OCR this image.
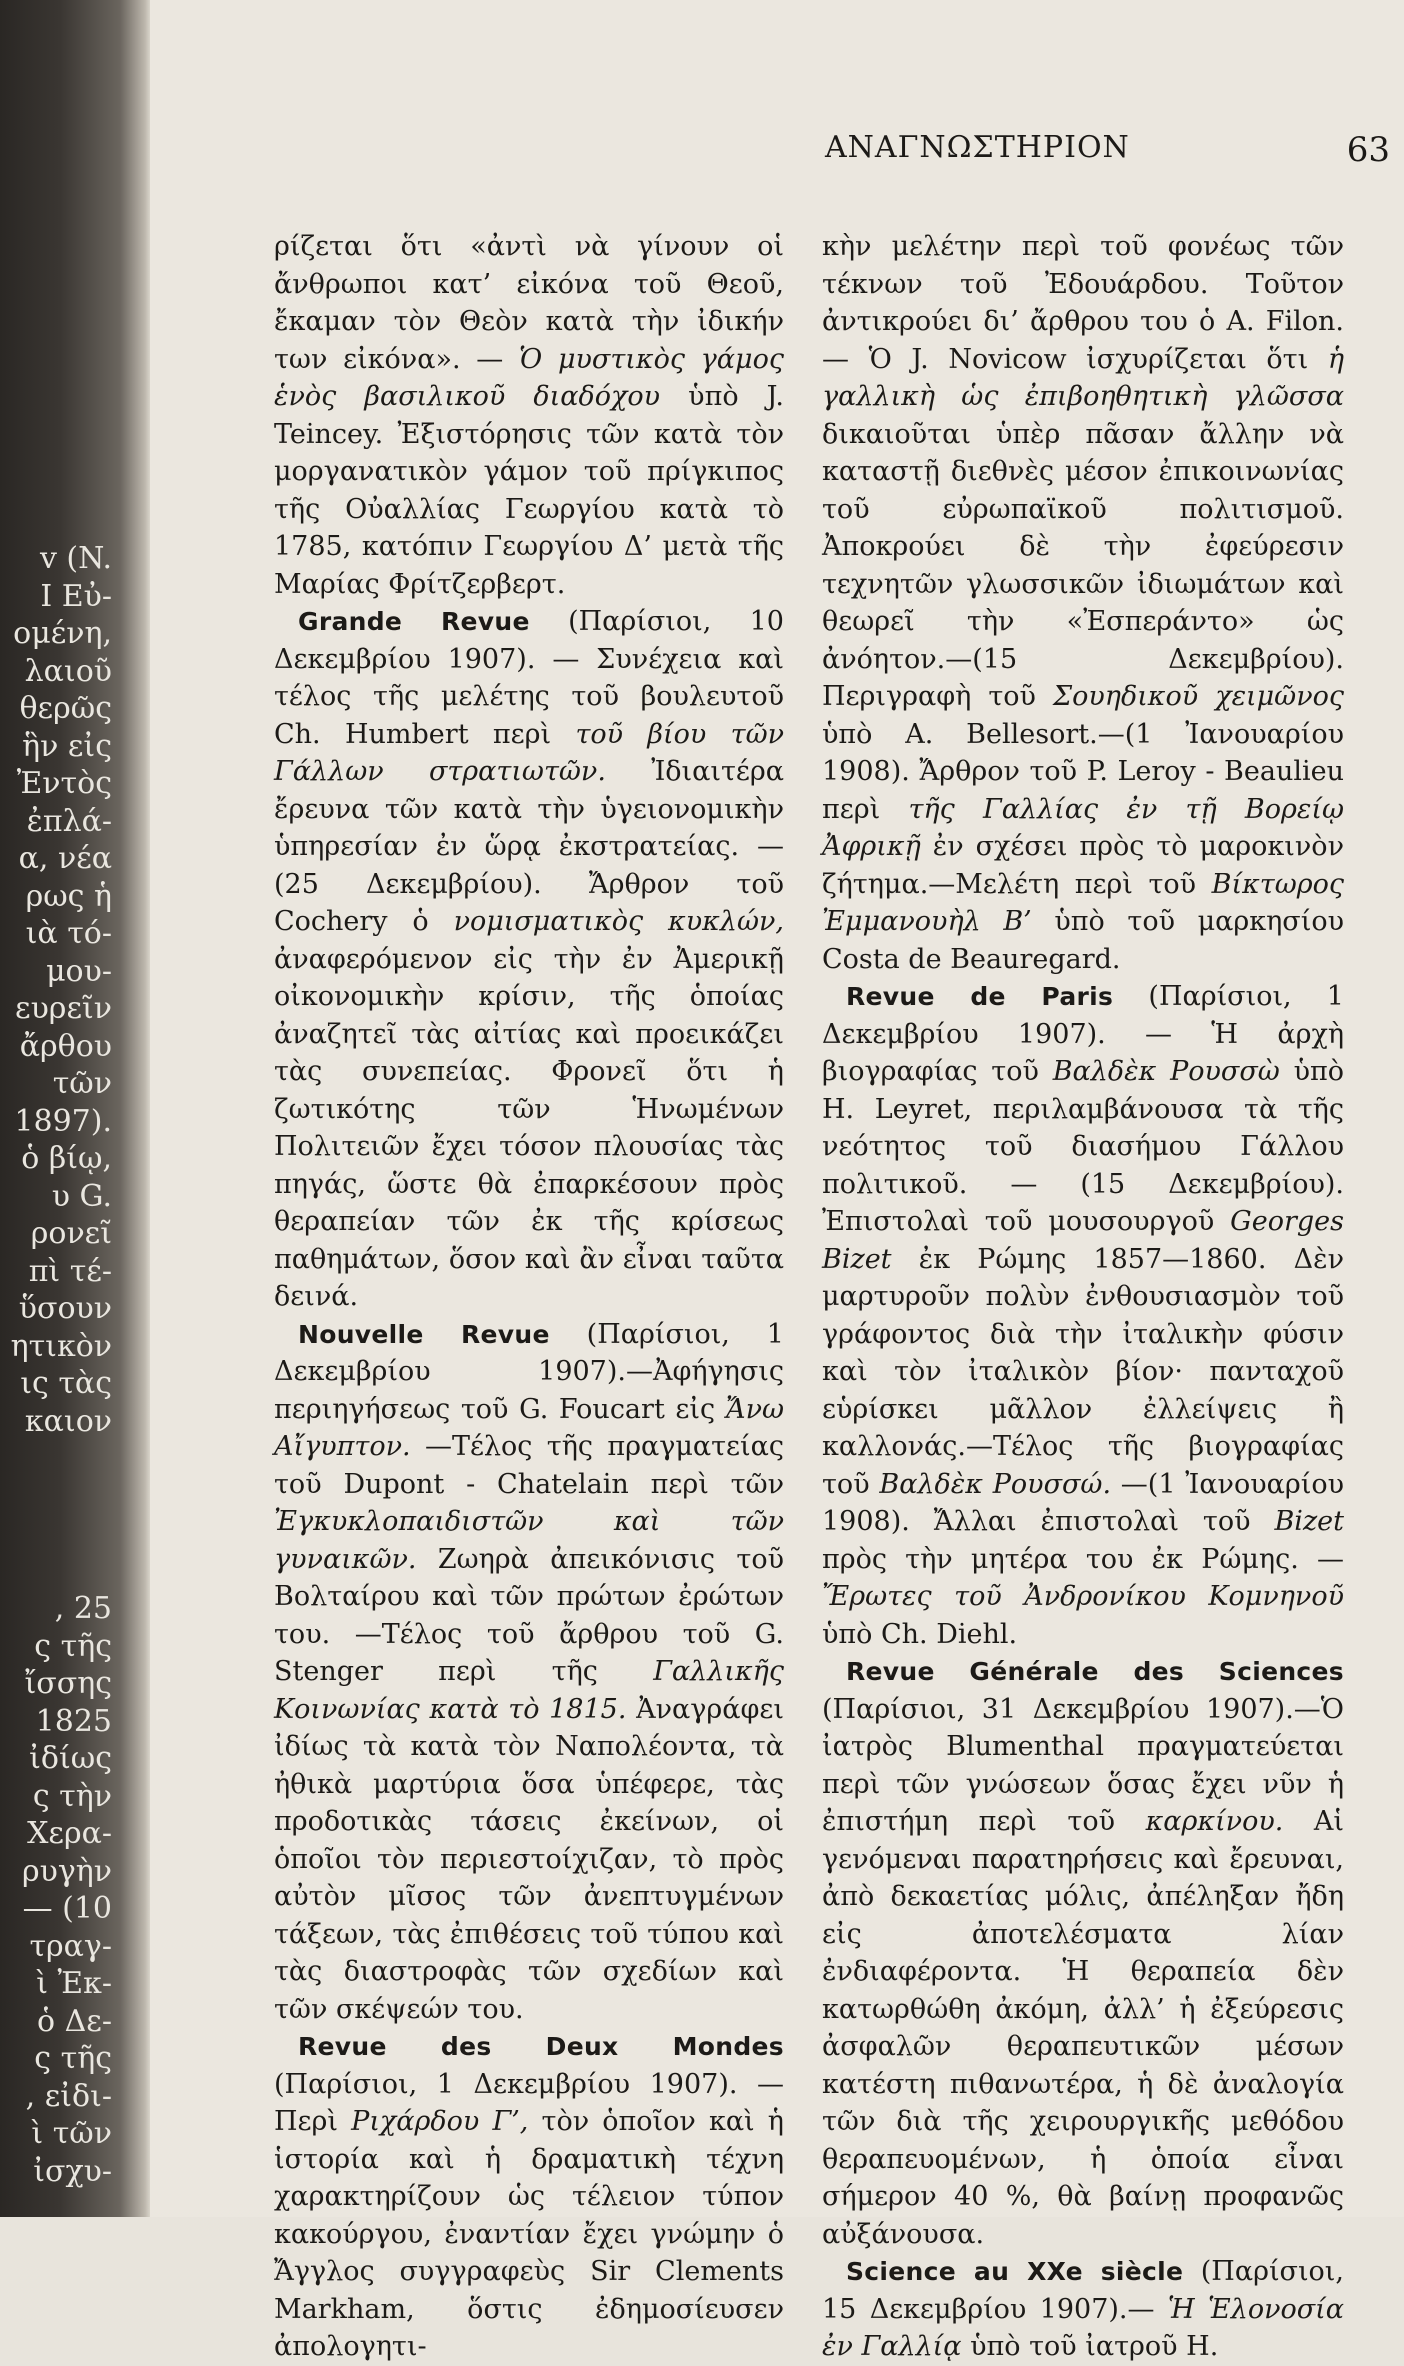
v (N.
I Εὐ-
ομένη,
λαιοῦ
θερῶς
ἣν εἰς
Ἐντὸς
ἐπλά-
α, νέα
ρως ἡ
ιὰ τό-
μου-
ευρεῖν
ἄρθου
τῶν
1897).
ὁ βίῳ,
υ G.
ρονεῖ
πὶ τέ-
ὕσουν
ητικὸν
ις τὰς
καιον
, 25
ς τῆς
ἴσσης
1825
ἰδίως
ς τὴν
Χερα-
ρυγὴν
— (10
τραγ-
ὶ Ἐκ-
ὁ Δε-
ς τῆς
, εἰδι-
ὶ τῶν
ἰσχυ-
ΑΝΑΓΝΩΣΤΗΡΙΟΝ	63

ρίζεται ὅτι «ἀντὶ νὰ γίνουν οἱ ἄνθρωποι κατ’ εἰκόνα τοῦ Θεοῦ, ἔκαμαν τὸν Θεὸν κατὰ τὴν ἰδικήν των εἰκόνα». — Ὁ μυστικὸς γάμος ἑνὸς βασιλικοῦ διαδόχου ὑπὸ J. Teincey. Ἐξιστόρησις τῶν κατὰ τὸν μοργανατικὸν γάμον τοῦ πρίγκιπος τῆς Οὐαλλίας Γεωργίου κατὰ τὸ 1785, κατόπιν Γεωργίου Δ’ μετὰ τῆς Μαρίας Φρίτζερβερτ.

Grande Revue (Παρίσιοι, 10 Δεκεμβρίου 1907). — Συνέχεια καὶ τέλος τῆς μελέτης τοῦ βουλευτοῦ Ch. Humbert περὶ τοῦ βίου τῶν Γάλλων στρατιωτῶν. Ἰδιαιτέρα ἔρευνα τῶν κατὰ τὴν ὑγειονομικὴν ὑπηρεσίαν ἐν ὥρᾳ ἐκστρατείας. — (25 Δεκεμβρίου). Ἄρθρον τοῦ Cochery ὁ νομισματικὸς κυκλών, ἀναφερόμενον εἰς τὴν ἐν Ἀμερικῇ οἰκονομικὴν κρίσιν, τῆς ὁποίας ἀναζητεῖ τὰς αἰτίας καὶ προεικάζει τὰς συνεπείας. Φρονεῖ ὅτι ἡ ζωτικότης τῶν Ἡνωμένων Πολιτειῶν ἔχει τόσον πλουσίας τὰς πηγάς, ὥστε θὰ ἐπαρκέσουν πρὸς θεραπείαν τῶν ἐκ τῆς κρίσεως παθημάτων, ὅσον καὶ ἂν εἶναι ταῦτα δεινά.

Nouvelle Revue (Παρίσιοι, 1 Δεκεμβρίου 1907).—Ἀφήγησις περιηγήσεως τοῦ G. Foucart εἰς Ἄνω Αἴγυπτον. —Τέλος τῆς πραγματείας τοῦ Dupont - Chatelain περὶ τῶν Ἐγκυκλοπαιδιστῶν καὶ τῶν γυναικῶν. Ζωηρὰ ἀπεικόνισις τοῦ Βολταίρου καὶ τῶν πρώτων ἐρώτων του. —Τέλος τοῦ ἄρθρου τοῦ G. Stenger περὶ τῆς Γαλλικῆς Κοινωνίας κατὰ τὸ 1815. Ἀναγράφει ἰδίως τὰ κατὰ τὸν Ναπολέοντα, τὰ ἠθικὰ μαρτύρια ὅσα ὑπέφερε, τὰς προδοτικὰς τάσεις ἐκείνων, οἱ ὁποῖοι τὸν περιεστοίχιζαν, τὸ πρὸς αὐτὸν μῖσος τῶν ἀνεπτυγμένων τάξεων, τὰς ἐπιθέσεις τοῦ τύπου καὶ τὰς διαστροφὰς τῶν σχεδίων καὶ τῶν σκέψεών του.

Revue des Deux Mondes (Παρίσιοι, 1 Δεκεμβρίου 1907). — Περὶ Ριχάρδου Γ’, τὸν ὁποῖον καὶ ἡ ἱστορία καὶ ἡ δραματικὴ τέχνη χαρακτηρίζουν ὡς τέλειον τύπον κακούργου, ἐναντίαν ἔχει γνώμην ὁ Ἄγγλος συγγραφεὺς Sir Clements Markham, ὅστις ἐδημοσίευσεν ἀπολογητι-

κὴν μελέτην περὶ τοῦ φονέως τῶν τέκνων τοῦ Ἐδουάρδου. Τοῦτον ἀντικρούει δι’ ἄρθρου του ὁ A. Filon. — Ὁ J. Novicow ἰσχυρίζεται ὅτι ἡ γαλλικὴ ὡς ἐπιβοηθητικὴ γλῶσσα δικαιοῦται ὑπὲρ πᾶσαν ἄλλην νὰ καταστῇ διεθνὲς μέσον ἐπικοινωνίας τοῦ εὐρωπαϊκοῦ πολιτισμοῦ. Ἀποκρούει δὲ τὴν ἐφεύρεσιν τεχνητῶν γλωσσικῶν ἰδιωμάτων καὶ θεωρεῖ τὴν «Ἐσπεράντο» ὡς ἀνόητον.—(15 Δεκεμβρίου). Περιγραφὴ τοῦ Σουηδικοῦ χειμῶνος ὑπὸ A. Bellesort.—(1 Ἰανουαρίου 1908). Ἄρθρον τοῦ P. Leroy - Beaulieu περὶ τῆς Γαλλίας ἐν τῇ Βορείῳ Ἀφρικῇ ἐν σχέσει πρὸς τὸ μαροκινὸν ζήτημα.—Μελέτη περὶ τοῦ Βίκτωρος Ἐμμανουὴλ Β’ ὑπὸ τοῦ μαρκησίου Costa de Beauregard.

Revue de Paris (Παρίσιοι, 1 Δεκεμβρίου 1907). — Ἡ ἀρχὴ βιογραφίας τοῦ Βαλδὲκ Ρουσσὼ ὑπὸ H. Leyret, περιλαμβάνουσα τὰ τῆς νεότητος τοῦ διασήμου Γάλλου πολιτικοῦ. — (15 Δεκεμβρίου). Ἐπιστολαὶ τοῦ μουσουργοῦ Georges Bizet ἐκ Ρώμης 1857—1860. Δὲν μαρτυροῦν πολὺν ἐνθουσιασμὸν τοῦ γράφοντος διὰ τὴν ἰταλικὴν φύσιν καὶ τὸν ἰταλικὸν βίον· πανταχοῦ εὑρίσκει μᾶλλον ἐλλείψεις ἢ καλλονάς.—Τέλος τῆς βιογραφίας τοῦ Βαλδὲκ Ρουσσώ. —(1 Ἰανουαρίου 1908). Ἄλλαι ἐπιστολαὶ τοῦ Bizet πρὸς τὴν μητέρα του ἐκ Ρώμης. — Ἔρωτες τοῦ Ἀνδρονίκου Κομνηνοῦ ὑπὸ Ch. Diehl.

Revue Générale des Sciences (Παρίσιοι, 31 Δεκεμβρίου 1907).—Ὁ ἰατρὸς Blumenthal πραγματεύεται περὶ τῶν γνώσεων ὅσας ἔχει νῦν ἡ ἐπιστήμη περὶ τοῦ καρκίνου. Αἱ γενόμεναι παρατηρήσεις καὶ ἔρευναι, ἀπὸ δεκαετίας μόλις, ἀπέληξαν ἤδη εἰς ἀποτελέσματα λίαν ἐνδιαφέροντα. Ἡ θεραπεία δὲν κατωρθώθη ἀκόμη, ἀλλ’ ἡ ἐξεύρεσις ἀσφαλῶν θεραπευτικῶν μέσων κατέστη πιθανωτέρα, ἡ δὲ ἀναλογία τῶν διὰ τῆς χειρουργικῆς μεθόδου θεραπευομένων, ἡ ὁποία εἶναι σήμερον 40 %, θὰ βαίνῃ προφανῶς αὐξάνουσα.

Science au XXe siècle (Παρίσιοι, 15 Δεκεμβρίου 1907).— Ἡ Ἑλονοσία ἐν Γαλλίᾳ ὑπὸ τοῦ ἰατροῦ H.
